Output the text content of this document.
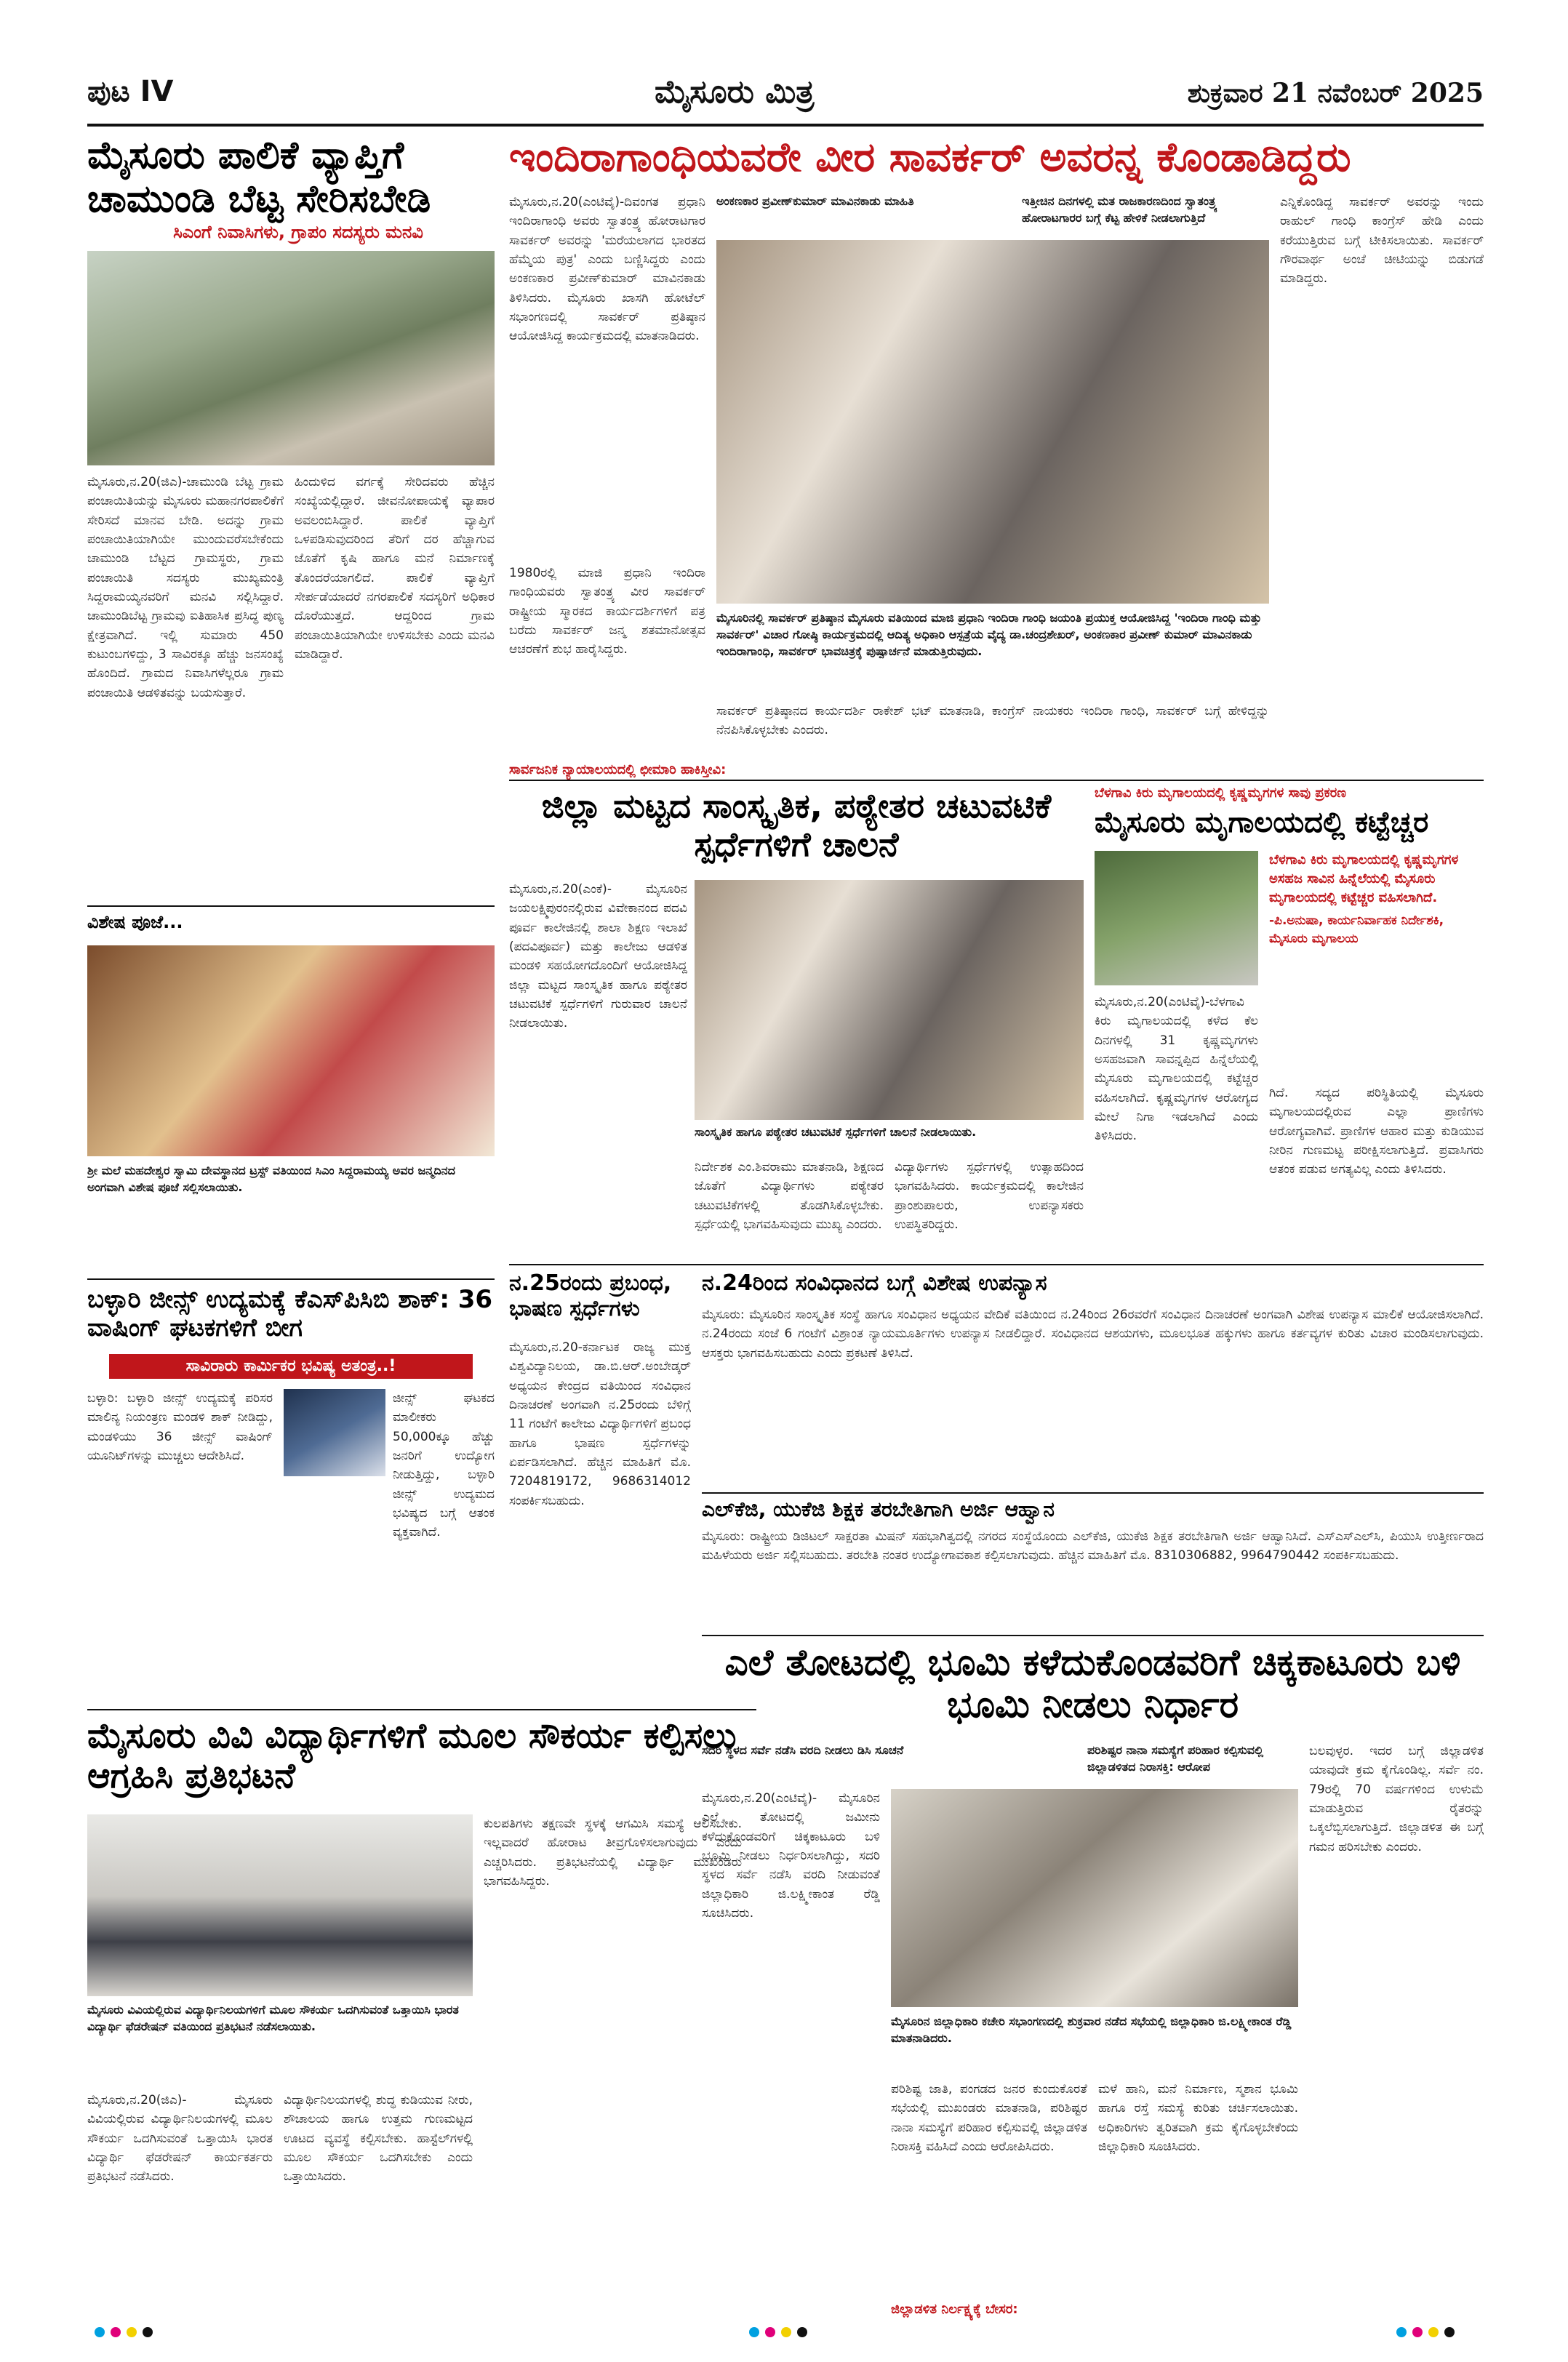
ಪುಟ IV	ಮೈಸೂರು ಮಿತ್ರ	ಶುಕ್ರವಾರ 21 ನವೆಂಬರ್ 2025
ಮೈಸೂರು ಪಾಲಿಕೆ ವ್ಯಾಪ್ತಿಗೆ ಚಾಮುಂಡಿ ಬೆಟ್ಟ ಸೇರಿಸಬೇಡಿ
ಸಿಎಂಗೆ ನಿವಾಸಿಗಳು, ಗ್ರಾಪಂ ಸದಸ್ಯರು ಮನವಿ
ಮೈಸೂರು,ನ.20(ಜಿಎ)-ಚಾಮುಂಡಿ ಬೆಟ್ಟ ಗ್ರಾಮ ಪಂಚಾಯಿತಿಯನ್ನು ಮೈಸೂರು ಮಹಾನಗರಪಾಲಿಕೆಗೆ ಸೇರಿಸದೆ ಮಾನವ ಬೇಡಿ. ಅದನ್ನು ಗ್ರಾಮ ಪಂಚಾಯಿತಿಯಾಗಿಯೇ ಮುಂದುವರೆಸಬೇಕೆಂದು ಚಾಮುಂಡಿ ಬೆಟ್ಟದ ಗ್ರಾಮಸ್ಥರು, ಗ್ರಾಮ ಪಂಚಾಯಿತಿ ಸದಸ್ಯರು ಮುಖ್ಯಮಂತ್ರಿ ಸಿದ್ದರಾಮಯ್ಯನವರಿಗೆ ಮನವಿ ಸಲ್ಲಿಸಿದ್ದಾರೆ. ಚಾಮುಂಡಿಬೆಟ್ಟ ಗ್ರಾಮವು ಐತಿಹಾಸಿಕ ಪ್ರಸಿದ್ಧ ಪುಣ್ಯ ಕ್ಷೇತ್ರವಾಗಿದೆ. ಇಲ್ಲಿ ಸುಮಾರು 450 ಕುಟುಂಬಗಳಿದ್ದು, 3 ಸಾವಿರಕ್ಕೂ ಹೆಚ್ಚು ಜನಸಂಖ್ಯೆ ಹೊಂದಿದೆ. ಗ್ರಾಮದ ನಿವಾಸಿಗಳೆಲ್ಲರೂ ಗ್ರಾಮ ಪಂಚಾಯಿತಿ ಆಡಳಿತವನ್ನು ಬಯಸುತ್ತಾರೆ.
ಹಿಂದುಳಿದ ವರ್ಗಕ್ಕೆ ಸೇರಿದವರು ಹೆಚ್ಚಿನ ಸಂಖ್ಯೆಯಲ್ಲಿದ್ದಾರೆ. ಜೀವನೋಪಾಯಕ್ಕೆ ವ್ಯಾಪಾರ ಅವಲಂಬಿಸಿದ್ದಾರೆ. ಪಾಲಿಕೆ ವ್ಯಾಪ್ತಿಗೆ ಒಳಪಡಿಸುವುದರಿಂದ ತೆರಿಗೆ ದರ ಹೆಚ್ಚಾಗುವ ಜೊತೆಗೆ ಕೃಷಿ ಹಾಗೂ ಮನೆ ನಿರ್ಮಾಣಕ್ಕೆ ತೊಂದರೆಯಾಗಲಿದೆ. ಪಾಲಿಕೆ ವ್ಯಾಪ್ತಿಗೆ ಸೇರ್ಪಡೆಯಾದರೆ ನಗರಪಾಲಿಕೆ ಸದಸ್ಯರಿಗೆ ಅಧಿಕಾರ ದೊರೆಯುತ್ತದೆ. ಆದ್ದರಿಂದ ಗ್ರಾಮ ಪಂಚಾಯಿತಿಯಾಗಿಯೇ ಉಳಿಸಬೇಕು ಎಂದು ಮನವಿ ಮಾಡಿದ್ದಾರೆ.
ವಿಶೇಷ ಪೂಜೆ...
ಶ್ರೀ ಮಲೆ ಮಹದೇಶ್ವರ ಸ್ವಾಮಿ ದೇವಸ್ಥಾನದ ಟ್ರಸ್ಟ್ ವತಿಯಿಂದ ಸಿಎಂ ಸಿದ್ದರಾಮಯ್ಯ ಅವರ ಜನ್ಮದಿನದ ಅಂಗವಾಗಿ ವಿಶೇಷ ಪೂಜೆ ಸಲ್ಲಿಸಲಾಯಿತು.
ಬಳ್ಳಾರಿ ಜೀನ್ಸ್ ಉದ್ಯಮಕ್ಕೆ ಕೆಎಸ್‌ಪಿಸಿಬಿ ಶಾಕ್: 36 ವಾಷಿಂಗ್ ಘಟಕಗಳಿಗೆ ಬೀಗ
ಸಾವಿರಾರು ಕಾರ್ಮಿಕರ ಭವಿಷ್ಯ ಅತಂತ್ರ..!
ಬಳ್ಳಾರಿ: ಬಳ್ಳಾರಿ ಜೀನ್ಸ್ ಉದ್ಯಮಕ್ಕೆ ಪರಿಸರ ಮಾಲಿನ್ಯ ನಿಯಂತ್ರಣ ಮಂಡಳಿ ಶಾಕ್ ನೀಡಿದ್ದು, ಮಂಡಳಿಯು 36 ಜೀನ್ಸ್ ವಾಷಿಂಗ್ ಯೂನಿಟ್‌ಗಳನ್ನು ಮುಚ್ಚಲು ಆದೇಶಿಸಿದೆ.
ಜೀನ್ಸ್ ಘಟಕದ ಮಾಲೀಕರು 50,000ಕ್ಕೂ ಹೆಚ್ಚು ಜನರಿಗೆ ಉದ್ಯೋಗ ನೀಡುತ್ತಿದ್ದು, ಬಳ್ಳಾರಿ ಜೀನ್ಸ್ ಉದ್ಯಮದ ಭವಿಷ್ಯದ ಬಗ್ಗೆ ಆತಂಕ ವ್ಯಕ್ತವಾಗಿದೆ.
ಮೈಸೂರು ವಿವಿ ವಿದ್ಯಾರ್ಥಿಗಳಿಗೆ ಮೂಲ ಸೌಕರ್ಯ ಕಲ್ಪಿಸಲು ಆಗ್ರಹಿಸಿ ಪ್ರತಿಭಟನೆ
ಮೈಸೂರು ವಿವಿಯಲ್ಲಿರುವ ವಿದ್ಯಾರ್ಥಿನಿಲಯಗಳಿಗೆ ಮೂಲ ಸೌಕರ್ಯ ಒದಗಿಸುವಂತೆ ಒತ್ತಾಯಿಸಿ ಭಾರತ ವಿದ್ಯಾರ್ಥಿ ಫೆಡರೇಷನ್ ವತಿಯಿಂದ ಪ್ರತಿಭಟನೆ ನಡೆಸಲಾಯಿತು.
ಕುಲಪತಿಗಳು ತಕ್ಷಣವೇ ಸ್ಥಳಕ್ಕೆ ಆಗಮಿಸಿ ಸಮಸ್ಯೆ ಆಲಿಸಬೇಕು. ಇಲ್ಲವಾದರೆ ಹೋರಾಟ ತೀವ್ರಗೊಳಿಸಲಾಗುವುದು ಎಂದು ಎಚ್ಚರಿಸಿದರು. ಪ್ರತಿಭಟನೆಯಲ್ಲಿ ವಿದ್ಯಾರ್ಥಿ ಮುಖಂಡರು ಭಾಗವಹಿಸಿದ್ದರು.
ಮೈಸೂರು,ನ.20(ಜಿಎ)- ಮೈಸೂರು ವಿವಿಯಲ್ಲಿರುವ ವಿದ್ಯಾರ್ಥಿನಿಲಯಗಳಲ್ಲಿ ಮೂಲ ಸೌಕರ್ಯ ಒದಗಿಸುವಂತೆ ಒತ್ತಾಯಿಸಿ ಭಾರತ ವಿದ್ಯಾರ್ಥಿ ಫೆಡರೇಷನ್ ಕಾರ್ಯಕರ್ತರು ಪ್ರತಿಭಟನೆ ನಡೆಸಿದರು.
ವಿದ್ಯಾರ್ಥಿನಿಲಯಗಳಲ್ಲಿ ಶುದ್ಧ ಕುಡಿಯುವ ನೀರು, ಶೌಚಾಲಯ ಹಾಗೂ ಉತ್ತಮ ಗುಣಮಟ್ಟದ ಊಟದ ವ್ಯವಸ್ಥೆ ಕಲ್ಪಿಸಬೇಕು. ಹಾಸ್ಟೆಲ್‌ಗಳಲ್ಲಿ ಮೂಲ ಸೌಕರ್ಯ ಒದಗಿಸಬೇಕು ಎಂದು ಒತ್ತಾಯಿಸಿದರು.
ಇಂದಿರಾಗಾಂಧಿಯವರೇ ವೀರ ಸಾವರ್ಕರ್ ಅವರನ್ನ ಕೊಂಡಾಡಿದ್ದರು
ಮೈಸೂರು,ನ.20(ಎಂಟಿವೈ)-ದಿವಂಗತ ಪ್ರಧಾನಿ ಇಂದಿರಾಗಾಂಧಿ ಅವರು ಸ್ವಾತಂತ್ರ್ಯ ಹೋರಾಟಗಾರ ಸಾವರ್ಕರ್ ಅವರನ್ನು 'ಮರೆಯಲಾಗದ ಭಾರತದ ಹೆಮ್ಮೆಯ ಪುತ್ರ' ಎಂದು ಬಣ್ಣಿಸಿದ್ದರು ಎಂದು ಅಂಕಣಕಾರ ಪ್ರವೀಣ್‌ಕುಮಾರ್ ಮಾವಿನಕಾಡು ತಿಳಿಸಿದರು. ಮೈಸೂರು ಖಾಸಗಿ ಹೋಟೆಲ್ ಸಭಾಂಗಣದಲ್ಲಿ ಸಾವರ್ಕರ್ ಪ್ರತಿಷ್ಠಾನ ಆಯೋಜಿಸಿದ್ದ ಕಾರ್ಯಕ್ರಮದಲ್ಲಿ ಮಾತನಾಡಿದರು.
1980ರಲ್ಲಿ ಮಾಜಿ ಪ್ರಧಾನಿ ಇಂದಿರಾ ಗಾಂಧಿಯವರು ಸ್ವಾತಂತ್ರ್ಯ ವೀರ ಸಾವರ್ಕರ್ ರಾಷ್ಟ್ರೀಯ ಸ್ಮಾರಕದ ಕಾರ್ಯದರ್ಶಿಗಳಿಗೆ ಪತ್ರ ಬರೆದು ಸಾವರ್ಕರ್ ಜನ್ಮ ಶತಮಾನೋತ್ಸವ ಆಚರಣೆಗೆ ಶುಭ ಹಾರೈಸಿದ್ದರು.
ಅಂಕಣಕಾರ ಪ್ರವೀಣ್‌ಕುಮಾರ್ ಮಾವಿನಕಾಡು ಮಾಹಿತಿ	ಇತ್ತೀಚಿನ ದಿನಗಳಲ್ಲಿ ಮತ ರಾಜಕಾರಣದಿಂದ ಸ್ವಾತಂತ್ರ್ಯ ಹೋರಾಟಗಾರರ ಬಗ್ಗೆ ಕೆಟ್ಟ ಹೇಳಿಕೆ ನೀಡಲಾಗುತ್ತಿದೆ
ಮೈಸೂರಿನಲ್ಲಿ ಸಾವರ್ಕರ್ ಪ್ರತಿಷ್ಠಾನ ಮೈಸೂರು ವತಿಯಿಂದ ಮಾಜಿ ಪ್ರಧಾನಿ ಇಂದಿರಾ ಗಾಂಧಿ ಜಯಂತಿ ಪ್ರಯುಕ್ತ ಆಯೋಜಿಸಿದ್ದ 'ಇಂದಿರಾ ಗಾಂಧಿ ಮತ್ತು ಸಾವರ್ಕರ್' ವಿಚಾರ ಗೋಷ್ಠಿ ಕಾರ್ಯಕ್ರಮದಲ್ಲಿ ಆದಿತ್ಯ ಅಧಿಕಾರಿ ಆಸ್ಪತ್ರೆಯ ವೈದ್ಯ ಡಾ.ಚಂದ್ರಶೇಖರ್, ಅಂಕಣಕಾರ ಪ್ರವೀಣ್ ಕುಮಾರ್ ಮಾವಿನಕಾಡು ಇಂದಿರಾಗಾಂಧಿ, ಸಾವರ್ಕರ್ ಭಾವಚಿತ್ರಕ್ಕೆ ಪುಷ್ಪಾರ್ಚನೆ ಮಾಡುತ್ತಿರುವುದು.
ಸಾವರ್ಕರ್ ಪ್ರತಿಷ್ಠಾನದ ಕಾರ್ಯದರ್ಶಿ ರಾಕೇಶ್ ಭಟ್ ಮಾತನಾಡಿ, ಕಾಂಗ್ರೆಸ್ ನಾಯಕರು ಇಂದಿರಾ ಗಾಂಧಿ, ಸಾವರ್ಕರ್ ಬಗ್ಗೆ ಹೇಳಿದ್ದನ್ನು ನೆನಪಿಸಿಕೊಳ್ಳಬೇಕು ಎಂದರು.
ಎನ್ನಿಕೊಂಡಿದ್ದ ಸಾವರ್ಕರ್ ಅವರನ್ನು ಇಂದು ರಾಹುಲ್ ಗಾಂಧಿ ಕಾಂಗ್ರೆಸ್ ಹೇಡಿ ಎಂದು ಕರೆಯುತ್ತಿರುವ ಬಗ್ಗೆ ಟೀಕಿಸಲಾಯಿತು. ಸಾವರ್ಕರ್ ಗೌರವಾರ್ಥ ಅಂಚೆ ಚೀಟಿಯನ್ನು ಬಿಡುಗಡೆ ಮಾಡಿದ್ದರು.
ಸಾರ್ವಜನಿಕ ನ್ಯಾಯಾಲಯದಲ್ಲಿ ಛೀಮಾರಿ ಹಾಕಿಸ್ತೀವಿ:
ಜಿಲ್ಲಾ ಮಟ್ಟದ ಸಾಂಸ್ಕೃತಿಕ, ಪಠ್ಯೇತರ ಚಟುವಟಿಕೆ ಸ್ಪರ್ಧೆಗಳಿಗೆ ಚಾಲನೆ
ಮೈಸೂರು,ನ.20(ಎಂಕೆ)- ಮೈಸೂರಿನ ಜಯಲಕ್ಷ್ಮಿಪುರಂನಲ್ಲಿರುವ ವಿವೇಕಾನಂದ ಪದವಿ ಪೂರ್ವ ಕಾಲೇಜಿನಲ್ಲಿ ಶಾಲಾ ಶಿಕ್ಷಣ ಇಲಾಖೆ (ಪದವಿಪೂರ್ವ) ಮತ್ತು ಕಾಲೇಜು ಆಡಳಿತ ಮಂಡಳಿ ಸಹಯೋಗದೊಂದಿಗೆ ಆಯೋಜಿಸಿದ್ದ ಜಿಲ್ಲಾ ಮಟ್ಟದ ಸಾಂಸ್ಕೃತಿಕ ಹಾಗೂ ಪಠ್ಯೇತರ ಚಟುವಟಿಕೆ ಸ್ಪರ್ಧೆಗಳಿಗೆ ಗುರುವಾರ ಚಾಲನೆ ನೀಡಲಾಯಿತು.
ಸಾಂಸ್ಕೃತಿಕ ಹಾಗೂ ಪಠ್ಯೇತರ ಚಟುವಟಿಕೆ ಸ್ಪರ್ಧೆಗಳಿಗೆ ಚಾಲನೆ ನೀಡಲಾಯಿತು.
ನಿರ್ದೇಶಕ ಎಂ.ಶಿವರಾಮು ಮಾತನಾಡಿ, ಶಿಕ್ಷಣದ ಜೊತೆಗೆ ವಿದ್ಯಾರ್ಥಿಗಳು ಪಠ್ಯೇತರ ಚಟುವಟಿಕೆಗಳಲ್ಲಿ ತೊಡಗಿಸಿಕೊಳ್ಳಬೇಕು. ಸ್ಪರ್ಧೆಯಲ್ಲಿ ಭಾಗವಹಿಸುವುದು ಮುಖ್ಯ ಎಂದರು.
ವಿದ್ಯಾರ್ಥಿಗಳು ಸ್ಪರ್ಧೆಗಳಲ್ಲಿ ಉತ್ಸಾಹದಿಂದ ಭಾಗವಹಿಸಿದರು. ಕಾರ್ಯಕ್ರಮದಲ್ಲಿ ಕಾಲೇಜಿನ ಪ್ರಾಂಶುಪಾಲರು, ಉಪನ್ಯಾಸಕರು ಉಪಸ್ಥಿತರಿದ್ದರು.
ಬೆಳಗಾವಿ ಕಿರು ಮೃಗಾಲಯದಲ್ಲಿ ಕೃಷ್ಣಮೃಗಗಳ ಸಾವು ಪ್ರಕರಣ
ಮೈಸೂರು ಮೃಗಾಲಯದಲ್ಲಿ ಕಟ್ಟೆಚ್ಚರ
ಬೆಳಗಾವಿ ಕಿರು ಮೃಗಾಲಯದಲ್ಲಿ ಕೃಷ್ಣಮೃಗಗಳ ಅಸಹಜ ಸಾವಿನ ಹಿನ್ನೆಲೆಯಲ್ಲಿ ಮೈಸೂರು ಮೃಗಾಲಯದಲ್ಲಿ ಕಟ್ಟೆಚ್ಚರ ವಹಿಸಲಾಗಿದೆ.
-ಪಿ.ಅನುಷಾ, ಕಾರ್ಯನಿರ್ವಾಹಕ ನಿರ್ದೇಶಕಿ, ಮೈಸೂರು ಮೃಗಾಲಯ
ಮೈಸೂರು,ನ.20(ಎಂಟಿವೈ)-ಬೆಳಗಾವಿ ಕಿರು ಮೃಗಾಲಯದಲ್ಲಿ ಕಳೆದ ಕೆಲ ದಿನಗಳಲ್ಲಿ 31 ಕೃಷ್ಣಮೃಗಗಳು ಅಸಹಜವಾಗಿ ಸಾವನ್ನಪ್ಪಿದ ಹಿನ್ನೆಲೆಯಲ್ಲಿ ಮೈಸೂರು ಮೃಗಾಲಯದಲ್ಲಿ ಕಟ್ಟೆಚ್ಚರ ವಹಿಸಲಾಗಿದೆ. ಕೃಷ್ಣಮೃಗಗಳ ಆರೋಗ್ಯದ ಮೇಲೆ ನಿಗಾ ಇಡಲಾಗಿದೆ ಎಂದು ತಿಳಿಸಿದರು.
ಗಿದೆ. ಸದ್ಯದ ಪರಿಸ್ಥಿತಿಯಲ್ಲಿ ಮೈಸೂರು ಮೃಗಾಲಯದಲ್ಲಿರುವ ಎಲ್ಲಾ ಪ್ರಾಣಿಗಳು ಆರೋಗ್ಯವಾಗಿವೆ. ಪ್ರಾಣಿಗಳ ಆಹಾರ ಮತ್ತು ಕುಡಿಯುವ ನೀರಿನ ಗುಣಮಟ್ಟ ಪರೀಕ್ಷಿಸಲಾಗುತ್ತಿದೆ. ಪ್ರವಾಸಿಗರು ಆತಂಕ ಪಡುವ ಅಗತ್ಯವಿಲ್ಲ ಎಂದು ತಿಳಿಸಿದರು.
ನ.25ರಂದು ಪ್ರಬಂಧ, ಭಾಷಣ ಸ್ಪರ್ಧೆಗಳು
ಮೈಸೂರು,ನ.20-ಕರ್ನಾಟಕ ರಾಜ್ಯ ಮುಕ್ತ ವಿಶ್ವವಿದ್ಯಾನಿಲಯ, ಡಾ.ಬಿ.ಆರ್.ಅಂಬೇಡ್ಕರ್ ಅಧ್ಯಯನ ಕೇಂದ್ರದ ವತಿಯಿಂದ ಸಂವಿಧಾನ ದಿನಾಚರಣೆ ಅಂಗವಾಗಿ ನ.25ರಂದು ಬೆಳಿಗ್ಗೆ 11 ಗಂಟೆಗೆ ಕಾಲೇಜು ವಿದ್ಯಾರ್ಥಿಗಳಿಗೆ ಪ್ರಬಂಧ ಹಾಗೂ ಭಾಷಣ ಸ್ಪರ್ಧೆಗಳನ್ನು ಏರ್ಪಡಿಸಲಾಗಿದೆ. ಹೆಚ್ಚಿನ ಮಾಹಿತಿಗೆ ಮೊ. 7204819172, 9686314012 ಸಂಪರ್ಕಿಸಬಹುದು.
ನ.24ರಿಂದ ಸಂವಿಧಾನದ ಬಗ್ಗೆ ವಿಶೇಷ ಉಪನ್ಯಾಸ
ಮೈಸೂರು: ಮೈಸೂರಿನ ಸಾಂಸ್ಕೃತಿಕ ಸಂಸ್ಥೆ ಹಾಗೂ ಸಂವಿಧಾನ ಅಧ್ಯಯನ ವೇದಿಕೆ ವತಿಯಿಂದ ನ.24ರಿಂದ 26ರವರೆಗೆ ಸಂವಿಧಾನ ದಿನಾಚರಣೆ ಅಂಗವಾಗಿ ವಿಶೇಷ ಉಪನ್ಯಾಸ ಮಾಲಿಕೆ ಆಯೋಜಿಸಲಾಗಿದೆ. ನ.24ರಂದು ಸಂಜೆ 6 ಗಂಟೆಗೆ ವಿಶ್ರಾಂತ ನ್ಯಾಯಮೂರ್ತಿಗಳು ಉಪನ್ಯಾಸ ನೀಡಲಿದ್ದಾರೆ. ಸಂವಿಧಾನದ ಆಶಯಗಳು, ಮೂಲಭೂತ ಹಕ್ಕುಗಳು ಹಾಗೂ ಕರ್ತವ್ಯಗಳ ಕುರಿತು ವಿಚಾರ ಮಂಡಿಸಲಾಗುವುದು. ಆಸಕ್ತರು ಭಾಗವಹಿಸಬಹುದು ಎಂದು ಪ್ರಕಟಣೆ ತಿಳಿಸಿದೆ.
ಎಲ್‌ಕೆಜಿ, ಯುಕೆಜಿ ಶಿಕ್ಷಕ ತರಬೇತಿಗಾಗಿ ಅರ್ಜಿ ಆಹ್ವಾನ
ಮೈಸೂರು: ರಾಷ್ಟ್ರೀಯ ಡಿಜಿಟಲ್ ಸಾಕ್ಷರತಾ ಮಿಷನ್ ಸಹಭಾಗಿತ್ವದಲ್ಲಿ ನಗರದ ಸಂಸ್ಥೆಯೊಂದು ಎಲ್‌ಕೆಜಿ, ಯುಕೆಜಿ ಶಿಕ್ಷಕ ತರಬೇತಿಗಾಗಿ ಅರ್ಜಿ ಆಹ್ವಾನಿಸಿದೆ. ಎಸ್ಎಸ್ಎಲ್‌ಸಿ, ಪಿಯುಸಿ ಉತ್ತೀರ್ಣರಾದ ಮಹಿಳೆಯರು ಅರ್ಜಿ ಸಲ್ಲಿಸಬಹುದು. ತರಬೇತಿ ನಂತರ ಉದ್ಯೋಗಾವಕಾಶ ಕಲ್ಪಿಸಲಾಗುವುದು. ಹೆಚ್ಚಿನ ಮಾಹಿತಿಗೆ ಮೊ. 8310306882, 9964790442 ಸಂಪರ್ಕಿಸಬಹುದು.
ಎಲೆ ತೋಟದಲ್ಲಿ ಭೂಮಿ ಕಳೆದುಕೊಂಡವರಿಗೆ ಚಿಕ್ಕಕಾಟೂರು ಬಳಿ ಭೂಮಿ ನೀಡಲು ನಿರ್ಧಾರ
ಸದರಿ ಸ್ಥಳದ ಸರ್ವೆ ನಡೆಸಿ ವರದಿ ನೀಡಲು ಡಿಸಿ ಸೂಚನೆ	ಪರಿಶಿಷ್ಟರ ನಾನಾ ಸಮಸ್ಯೆಗೆ ಪರಿಹಾರ ಕಲ್ಪಿಸುವಲ್ಲಿ ಜಿಲ್ಲಾಡಳಿತದ ನಿರಾಸಕ್ತಿ: ಆರೋಪ
ಮೈಸೂರು,ನ.20(ಎಂಟಿವೈ)- ಮೈಸೂರಿನ ಎಲೆ ತೋಟದಲ್ಲಿ ಜಮೀನು ಕಳೆದುಕೊಂಡವರಿಗೆ ಚಿಕ್ಕಕಾಟೂರು ಬಳಿ ಭೂಮಿ ನೀಡಲು ನಿರ್ಧರಿಸಲಾಗಿದ್ದು, ಸದರಿ ಸ್ಥಳದ ಸರ್ವೆ ನಡೆಸಿ ವರದಿ ನೀಡುವಂತೆ ಜಿಲ್ಲಾಧಿಕಾರಿ ಜಿ.ಲಕ್ಷ್ಮೀಕಾಂತ ರೆಡ್ಡಿ ಸೂಚಿಸಿದರು.
ಮೈಸೂರಿನ ಜಿಲ್ಲಾಧಿಕಾರಿ ಕಚೇರಿ ಸಭಾಂಗಣದಲ್ಲಿ ಶುಕ್ರವಾರ ನಡೆದ ಸಭೆಯಲ್ಲಿ ಜಿಲ್ಲಾಧಿಕಾರಿ ಜಿ.ಲಕ್ಷ್ಮೀಕಾಂತ ರೆಡ್ಡಿ ಮಾತನಾಡಿದರು.
ಪರಿಶಿಷ್ಟ ಜಾತಿ, ಪಂಗಡದ ಜನರ ಕುಂದುಕೊರತೆ ಸಭೆಯಲ್ಲಿ ಮುಖಂಡರು ಮಾತನಾಡಿ, ಪರಿಶಿಷ್ಟರ ನಾನಾ ಸಮಸ್ಯೆಗೆ ಪರಿಹಾರ ಕಲ್ಪಿಸುವಲ್ಲಿ ಜಿಲ್ಲಾಡಳಿತ ನಿರಾಸಕ್ತಿ ವಹಿಸಿದೆ ಎಂದು ಆರೋಪಿಸಿದರು.
ಮಳೆ ಹಾನಿ, ಮನೆ ನಿರ್ಮಾಣ, ಸ್ಮಶಾನ ಭೂಮಿ ಹಾಗೂ ರಸ್ತೆ ಸಮಸ್ಯೆ ಕುರಿತು ಚರ್ಚಿಸಲಾಯಿತು. ಅಧಿಕಾರಿಗಳು ತ್ವರಿತವಾಗಿ ಕ್ರಮ ಕೈಗೊಳ್ಳಬೇಕೆಂದು ಜಿಲ್ಲಾಧಿಕಾರಿ ಸೂಚಿಸಿದರು.
ಬಲವುಳ್ಳರ. ಇದರ ಬಗ್ಗೆ ಜಿಲ್ಲಾಡಳಿತ ಯಾವುದೇ ಕ್ರಮ ಕೈಗೊಂಡಿಲ್ಲ. ಸರ್ವೆ ನಂ. 79ರಲ್ಲಿ 70 ವರ್ಷಗಳಿಂದ ಉಳುಮೆ ಮಾಡುತ್ತಿರುವ ರೈತರನ್ನು ಒಕ್ಕಲೆಬ್ಬಿಸಲಾಗುತ್ತಿದೆ. ಜಿಲ್ಲಾಡಳಿತ ಈ ಬಗ್ಗೆ ಗಮನ ಹರಿಸಬೇಕು ಎಂದರು.
ಜಿಲ್ಲಾಡಳಿತ ನಿರ್ಲಕ್ಷ್ಯಕ್ಕೆ ಬೇಸರ:
